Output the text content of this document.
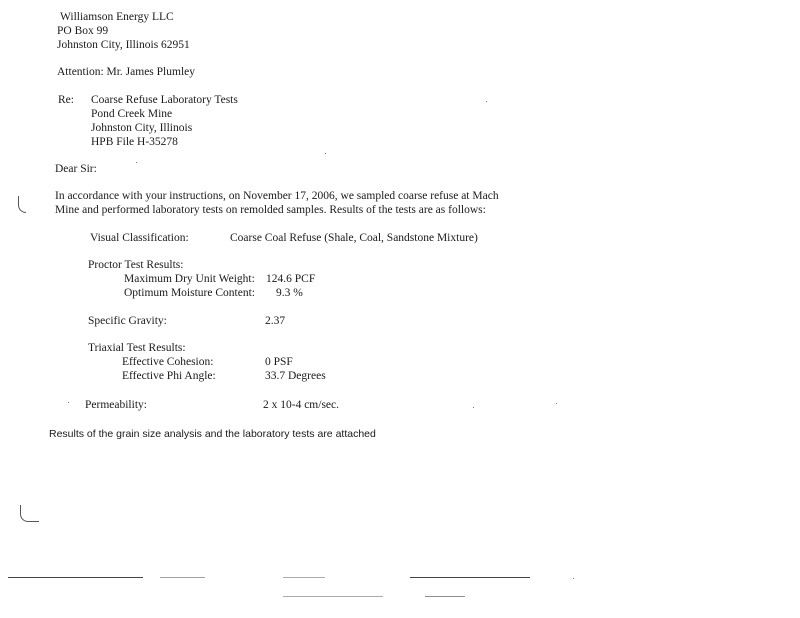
Williamson Energy LLC
PO Box 99
Johnston City, Illinois 62951
Attention: Mr. James Plumley
Re: Coarse Refuse Laboratory Tests
Pond Creek Mine
Johnston City, Illinois
HPB File H-35278
Dear Sir:
In accordance with your instructions, on November 17, 2006, we sampled coarse refuse at Mach
Mine and performed laboratory tests on remolded samples. Results of the tests are as follows:
Visual Classification:	Coarse Coal Refuse (Shale, Coal, Sandstone Mixture)
Proctor Test Results:
Maximum Dry Unit Weight: 124.6 PCF
Optimum Moisture Content: 9.3 %
Specific Gravity:	2.37
Triaxial Test Results:
Effective Cohesion:	0 PSF
Effective Phi Angle:	33.7 Degrees
Permeability:	2 x 10-4 cm/sec.
Results of the grain size analysis and the laboratory tests are attached
